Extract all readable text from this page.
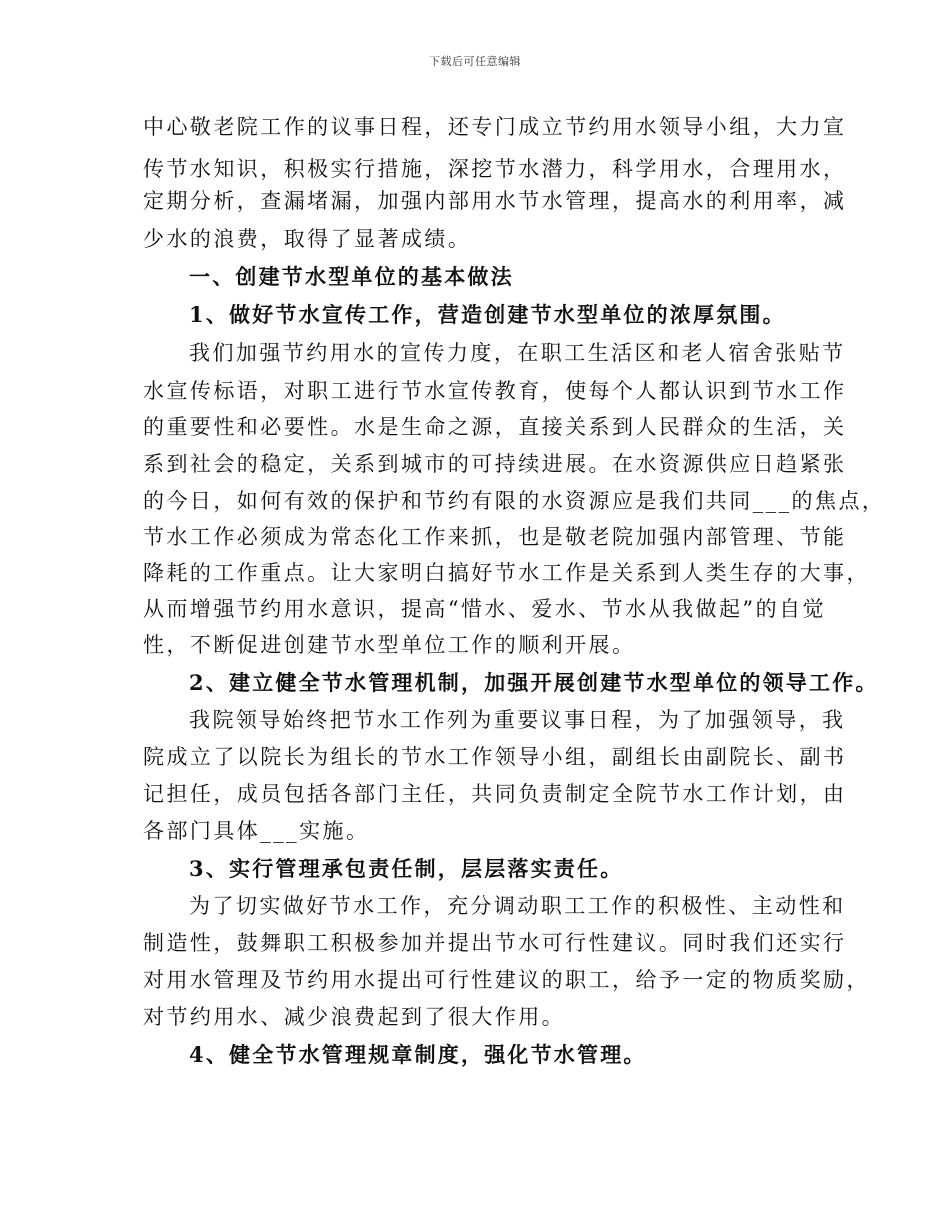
下载后可任意编辑
中心敬老院工作的议事日程，还专门成立节约用水领导小组，大力宣
传节水知识，积极实行措施，深挖节水潜力，科学用水，合理用水，
定期分析，查漏堵漏，加强内部用水节水管理，提高水的利用率，减
少水的浪费，取得了显著成绩。
一、创建节水型单位的基本做法
1、做好节水宣传工作，营造创建节水型单位的浓厚氛围。
我们加强节约用水的宣传力度，在职工生活区和老人宿舍张贴节
水宣传标语，对职工进行节水宣传教育，使每个人都认识到节水工作
的重要性和必要性。水是生命之源，直接关系到人民群众的生活，关
系到社会的稳定，关系到城市的可持续进展。在水资源供应日趋紧张
的今日，如何有效的保护和节约有限的水资源应是我们共同___的焦点，
节水工作必须成为常态化工作来抓，也是敬老院加强内部管理、节能
降耗的工作重点。让大家明白搞好节水工作是关系到人类生存的大事，
从而增强节约用水意识，提高“惜水、爱水、节水从我做起”的自觉
性，不断促进创建节水型单位工作的顺利开展。
2、建立健全节水管理机制，加强开展创建节水型单位的领导工作。
我院领导始终把节水工作列为重要议事日程，为了加强领导，我
院成立了以院长为组长的节水工作领导小组，副组长由副院长、副书
记担任，成员包括各部门主任，共同负责制定全院节水工作计划，由
各部门具体___实施。
3、实行管理承包责任制，层层落实责任。
为了切实做好节水工作，充分调动职工工作的积极性、主动性和
制造性，鼓舞职工积极参加并提出节水可行性建议。同时我们还实行
对用水管理及节约用水提出可行性建议的职工，给予一定的物质奖励，
对节约用水、减少浪费起到了很大作用。
4、健全节水管理规章制度，强化节水管理。
